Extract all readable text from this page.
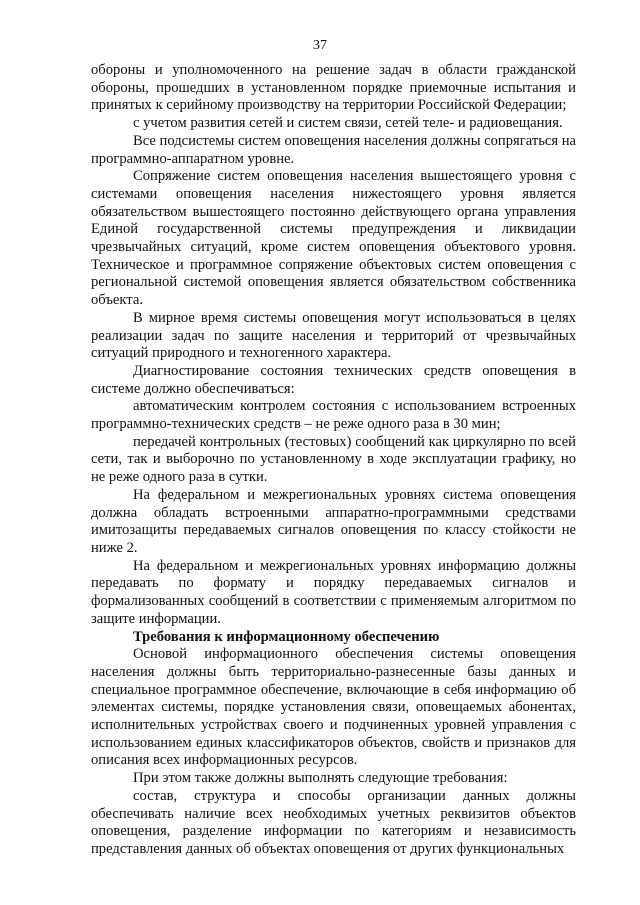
37

обороны и уполномоченного на решение задач в области гражданской обороны, прошедших в установленном порядке приемочные испытания и принятых к серийному производству на территории Российской Федерации;

с учетом развития сетей и систем связи, сетей теле- и радиовещания.

Все подсистемы систем оповещения населения должны сопрягаться на программно-аппаратном уровне.

Сопряжение систем оповещения населения вышестоящего уровня с системами оповещения населения нижестоящего уровня является обязательством вышестоящего постоянно действующего органа управления Единой государственной системы предупреждения и ликвидации чрезвычайных ситуаций, кроме систем оповещения объектового уровня. Техническое и программное сопряжение объектовых систем оповещения с региональной системой оповещения является обязательством собственника объекта.

В мирное время системы оповещения могут использоваться в целях реализации задач по защите населения и территорий от чрезвычайных ситуаций природного и техногенного характера.

Диагностирование состояния технических средств оповещения в системе должно обеспечиваться:

автоматическим контролем состояния с использованием встроенных программно-технических средств – не реже одного раза в 30 мин;

передачей контрольных (тестовых) сообщений как циркулярно по всей сети, так и выборочно по установленному в ходе эксплуатации графику, но не реже одного раза в сутки.

На федеральном и межрегиональных уровнях система оповещения должна обладать встроенными аппаратно-программными средствами имитозащиты передаваемых сигналов оповещения по классу стойкости не ниже 2.

На федеральном и межрегиональных уровнях информацию должны передавать по формату и порядку передаваемых сигналов и формализованных сообщений в соответствии с применяемым алгоритмом по защите информации.

Требования к информационному обеспечению

Основой информационного обеспечения системы оповещения населения должны быть территориально-разнесенные базы данных и специальное программное обеспечение, включающие в себя информацию об элементах системы, порядке установления связи, оповещаемых абонентах, исполнительных устройствах своего и подчиненных уровней управления с использованием единых классификаторов объектов, свойств и признаков для описания всех информационных ресурсов.

При этом также должны выполнять следующие требования:

состав, структура и способы организации данных должны обеспечивать наличие всех необходимых учетных реквизитов объектов оповещения, разделение информации по категориям и независимость представления данных об объектах оповещения от других функциональных
